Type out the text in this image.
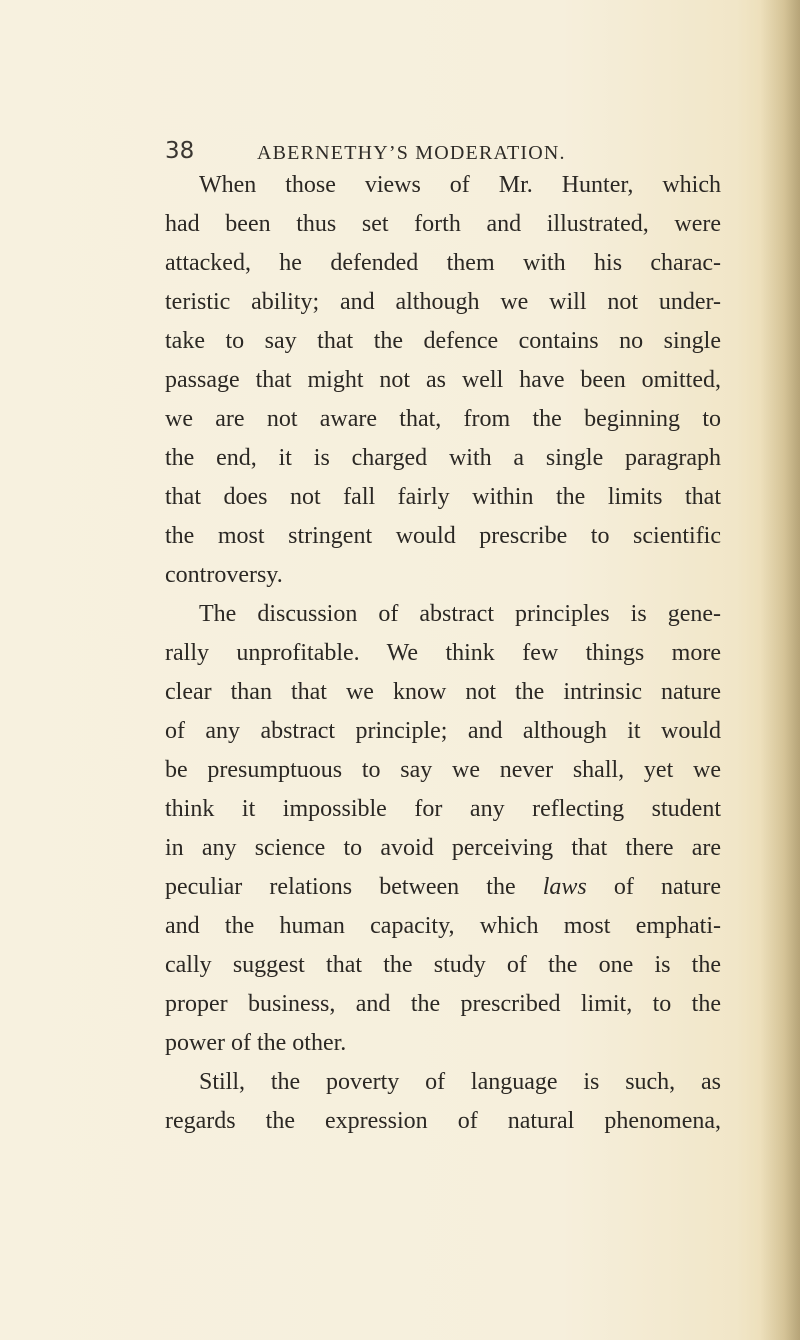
38	ABERNETHY’S MODERATION.

When those views of Mr. Hunter, which
had been thus set forth and illustrated, were
attacked, he defended them with his charac-
teristic ability; and although we will not under-
take to say that the defence contains no single
passage that might not as well have been omitted,
we are not aware that, from the beginning to
the end, it is charged with a single paragraph
that does not fall fairly within the limits that
the most stringent would prescribe to scientific
controversy.

The discussion of abstract principles is gene-
rally unprofitable. We think few things more
clear than that we know not the intrinsic nature
of any abstract principle; and although it would
be presumptuous to say we never shall, yet we
think it impossible for any reflecting student
in any science to avoid perceiving that there are
peculiar relations between the laws of nature
and the human capacity, which most emphati-
cally suggest that the study of the one is the
proper business, and the prescribed limit, to the
power of the other.

Still, the poverty of language is such, as
regards the expression of natural phenomena,
